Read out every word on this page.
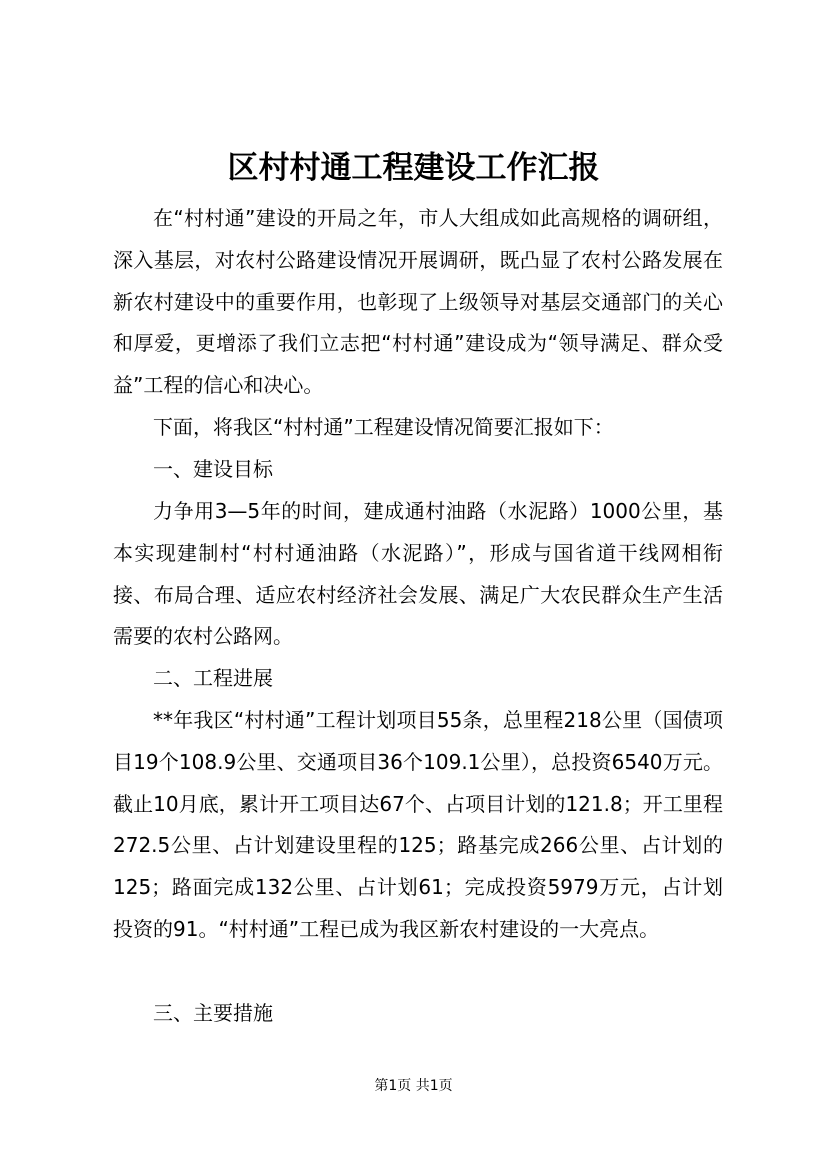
区村村通工程建设工作汇报

在“村村通”建设的开局之年，市人大组成如此高规格的调研组，深入基层，对农村公路建设情况开展调研，既凸显了农村公路发展在新农村建设中的重要作用，也彰现了上级领导对基层交通部门的关心和厚爱，更增添了我们立志把“村村通”建设成为“领导满足、群众受益”工程的信心和决心。

下面，将我区“村村通”工程建设情况简要汇报如下：

一、建设目标

力争用3—5年的时间，建成通村油路（水泥路）1000公里，基本实现建制村“村村通油路（水泥路）”，形成与国省道干线网相衔接、布局合理、适应农村经济社会发展、满足广大农民群众生产生活需要的农村公路网。

二、工程进展

**年我区“村村通”工程计划项目55条，总里程218公里（国债项目19个108.9公里、交通项目36个109.1公里），总投资6540万元。截止10月底，累计开工项目达67个、占项目计划的121.8；开工里程272.5公里、占计划建设里程的125；路基完成266公里、占计划的125；路面完成132公里、占计划61；完成投资5979万元，占计划投资的91。“村村通”工程已成为我区新农村建设的一大亮点。

三、主要措施

第1页 共1页
